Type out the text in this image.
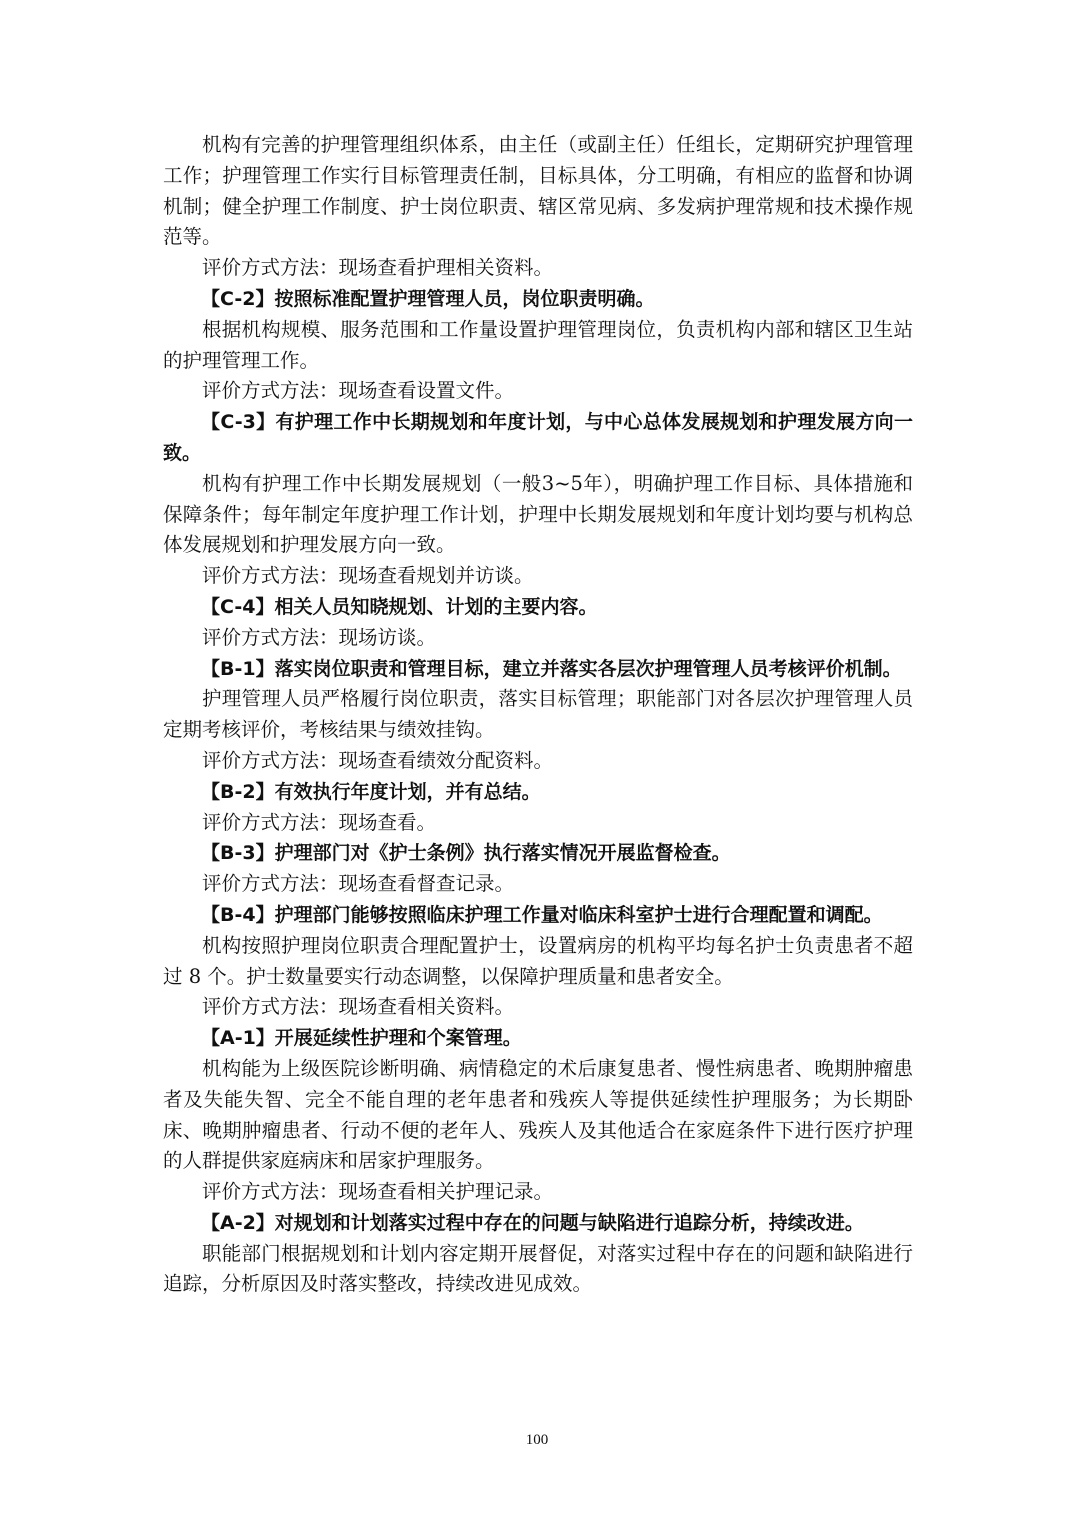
机构有完善的护理管理组织体系，由主任（或副主任）任组长，定期研究护理管理工作；护理管理工作实行目标管理责任制，目标具体，分工明确，有相应的监督和协调机制；健全护理工作制度、护士岗位职责、辖区常见病、多发病护理常规和技术操作规范等。

评价方式方法：现场查看护理相关资料。

【C-2】按照标准配置护理管理人员，岗位职责明确。

根据机构规模、服务范围和工作量设置护理管理岗位，负责机构内部和辖区卫生站的护理管理工作。

评价方式方法：现场查看设置文件。

【C-3】有护理工作中长期规划和年度计划，与中心总体发展规划和护理发展方向一致。

机构有护理工作中长期发展规划（一般3~5年），明确护理工作目标、具体措施和保障条件；每年制定年度护理工作计划，护理中长期发展规划和年度计划均要与机构总体发展规划和护理发展方向一致。

评价方式方法：现场查看规划并访谈。

【C-4】相关人员知晓规划、计划的主要内容。

评价方式方法：现场访谈。

【B-1】落实岗位职责和管理目标，建立并落实各层次护理管理人员考核评价机制。

护理管理人员严格履行岗位职责，落实目标管理；职能部门对各层次护理管理人员定期考核评价，考核结果与绩效挂钩。

评价方式方法：现场查看绩效分配资料。

【B-2】有效执行年度计划，并有总结。

评价方式方法：现场查看。

【B-3】护理部门对《护士条例》执行落实情况开展监督检查。

评价方式方法：现场查看督查记录。

【B-4】护理部门能够按照临床护理工作量对临床科室护士进行合理配置和调配。

机构按照护理岗位职责合理配置护士，设置病房的机构平均每名护士负责患者不超过 8 个。护士数量要实行动态调整，以保障护理质量和患者安全。

评价方式方法：现场查看相关资料。

【A-1】开展延续性护理和个案管理。

机构能为上级医院诊断明确、病情稳定的术后康复患者、慢性病患者、晚期肿瘤患者及失能失智、完全不能自理的老年患者和残疾人等提供延续性护理服务；为长期卧床、晚期肿瘤患者、行动不便的老年人、残疾人及其他适合在家庭条件下进行医疗护理的人群提供家庭病床和居家护理服务。

评价方式方法：现场查看相关护理记录。

【A-2】对规划和计划落实过程中存在的问题与缺陷进行追踪分析，持续改进。

职能部门根据规划和计划内容定期开展督促，对落实过程中存在的问题和缺陷进行追踪，分析原因及时落实整改，持续改进见成效。

100
